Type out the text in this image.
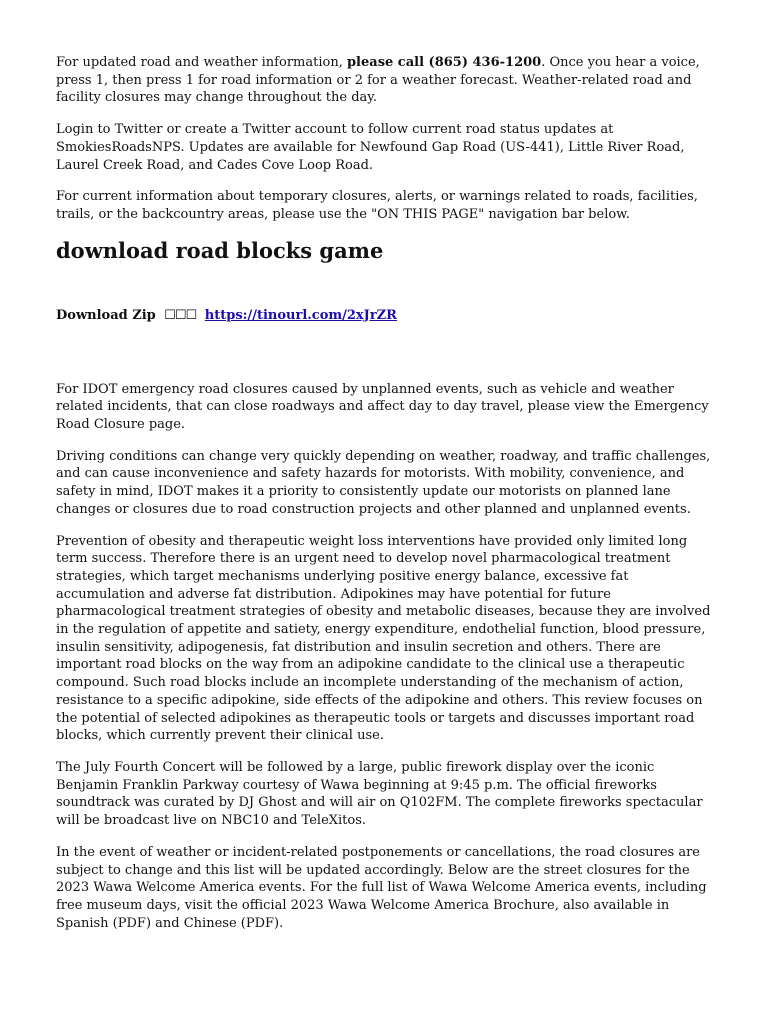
For updated road and weather information, please call (865) 436-1200. Once you hear a voice, press 1, then press 1 for road information or 2 for a weather forecast. Weather-related road and facility closures may change throughout the day.

Login to Twitter or create a Twitter account to follow current road status updates at SmokiesRoadsNPS. Updates are available for Newfound Gap Road (US-441), Little River Road, Laurel Creek Road, and Cades Cove Loop Road.

For current information about temporary closures, alerts, or warnings related to roads, facilities, trails, or the backcountry areas, please use the "ON THIS PAGE" navigation bar below.

download road blocks game
Download Zip ☐☐☐ https://tinourl.com/2xJrZR

For IDOT emergency road closures caused by unplanned events, such as vehicle and weather related incidents, that can close roadways and affect day to day travel, please view the Emergency Road Closure page.

Driving conditions can change very quickly depending on weather, roadway, and traffic challenges, and can cause inconvenience and safety hazards for motorists. With mobility, convenience, and safety in mind, IDOT makes it a priority to consistently update our motorists on planned lane changes or closures due to road construction projects and other planned and unplanned events.

Prevention of obesity and therapeutic weight loss interventions have provided only limited long term success. Therefore there is an urgent need to develop novel pharmacological treatment strategies, which target mechanisms underlying positive energy balance, excessive fat accumulation and adverse fat distribution. Adipokines may have potential for future pharmacological treatment strategies of obesity and metabolic diseases, because they are involved in the regulation of appetite and satiety, energy expenditure, endothelial function, blood pressure, insulin sensitivity, adipogenesis, fat distribution and insulin secretion and others. There are important road blocks on the way from an adipokine candidate to the clinical use a therapeutic compound. Such road blocks include an incomplete understanding of the mechanism of action, resistance to a specific adipokine, side effects of the adipokine and others. This review focuses on the potential of selected adipokines as therapeutic tools or targets and discusses important road blocks, which currently prevent their clinical use.

The July Fourth Concert will be followed by a large, public firework display over the iconic Benjamin Franklin Parkway courtesy of Wawa beginning at 9:45 p.m. The official fireworks soundtrack was curated by DJ Ghost and will air on Q102FM. The complete fireworks spectacular will be broadcast live on NBC10 and TeleXitos.

In the event of weather or incident-related postponements or cancellations, the road closures are subject to change and this list will be updated accordingly. Below are the street closures for the 2023 Wawa Welcome America events. For the full list of Wawa Welcome America events, including free museum days, visit the official 2023 Wawa Welcome America Brochure, also available in Spanish (PDF) and Chinese (PDF).
